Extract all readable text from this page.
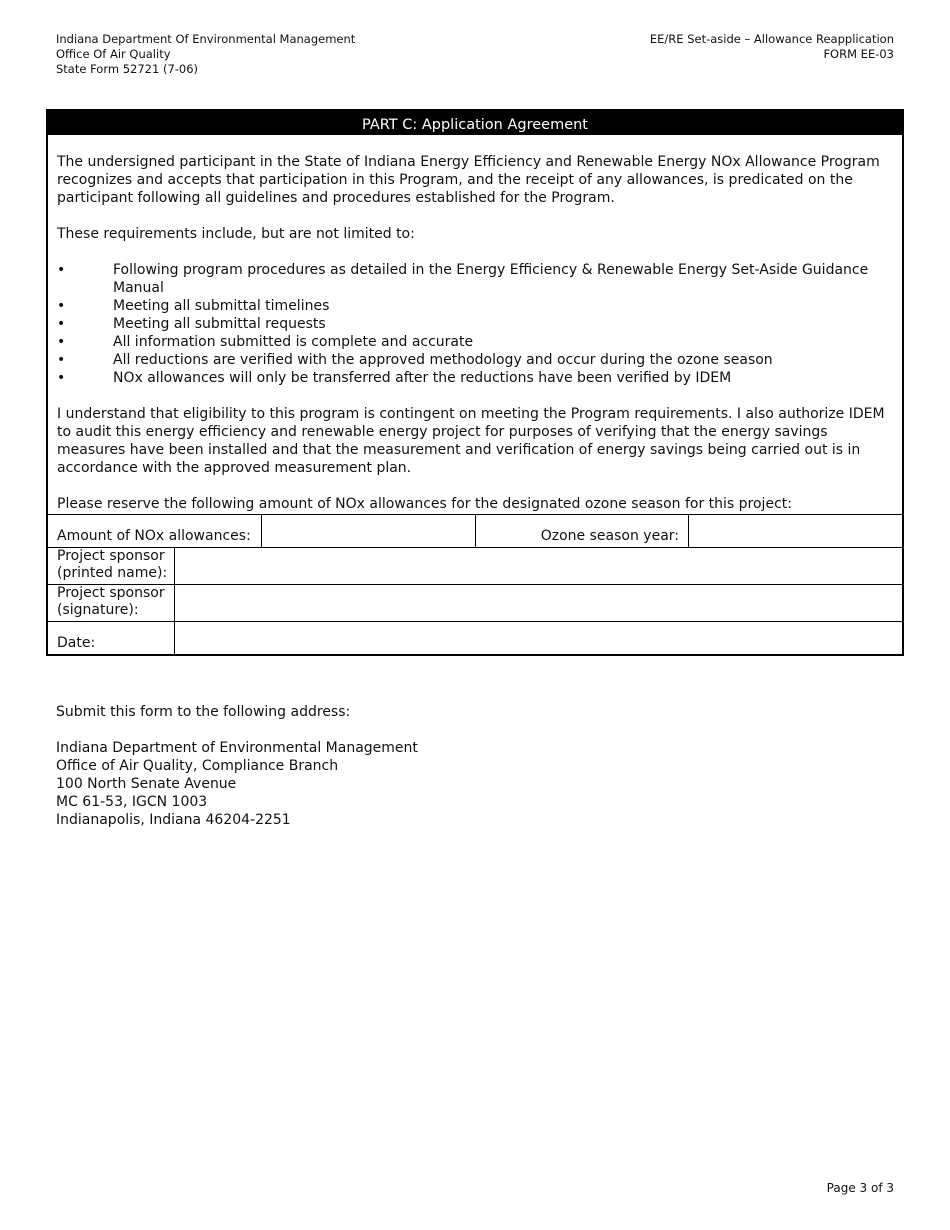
Indiana Department Of Environmental Management
Office Of Air Quality
State Form 52721 (7-06)
EE/RE Set-aside – Allowance Reapplication
FORM EE-03
PART C: Application Agreement

The undersigned participant in the State of Indiana Energy Efficiency and Renewable Energy NOx Allowance Program recognizes and accepts that participation in this Program, and the receipt of any allowances, is predicated on the participant following all guidelines and procedures established for the Program.

These requirements include, but are not limited to:

•	Following program procedures as detailed in the Energy Efficiency & Renewable Energy Set-Aside Guidance Manual
•	Meeting all submittal timelines
•	Meeting all submittal requests
•	All information submitted is complete and accurate
•	All reductions are verified with the approved methodology and occur during the ozone season
•	NOx allowances will only be transferred after the reductions have been verified by IDEM

I understand that eligibility to this program is contingent on meeting the Program requirements. I also authorize IDEM to audit this energy efficiency and renewable energy project for purposes of verifying that the energy savings measures have been installed and that the measurement and verification of energy savings being carried out is in accordance with the approved measurement plan.

Please reserve the following amount of NOx allowances for the designated ozone season for this project:

Amount of NOx allowances:	Ozone season year:
Project sponsor (printed name):
Project sponsor (signature):
Date:
Submit this form to the following address:

Indiana Department of Environmental Management
Office of Air Quality, Compliance Branch
100 North Senate Avenue
MC 61-53, IGCN 1003
Indianapolis, Indiana 46204-2251
Page 3 of 3
